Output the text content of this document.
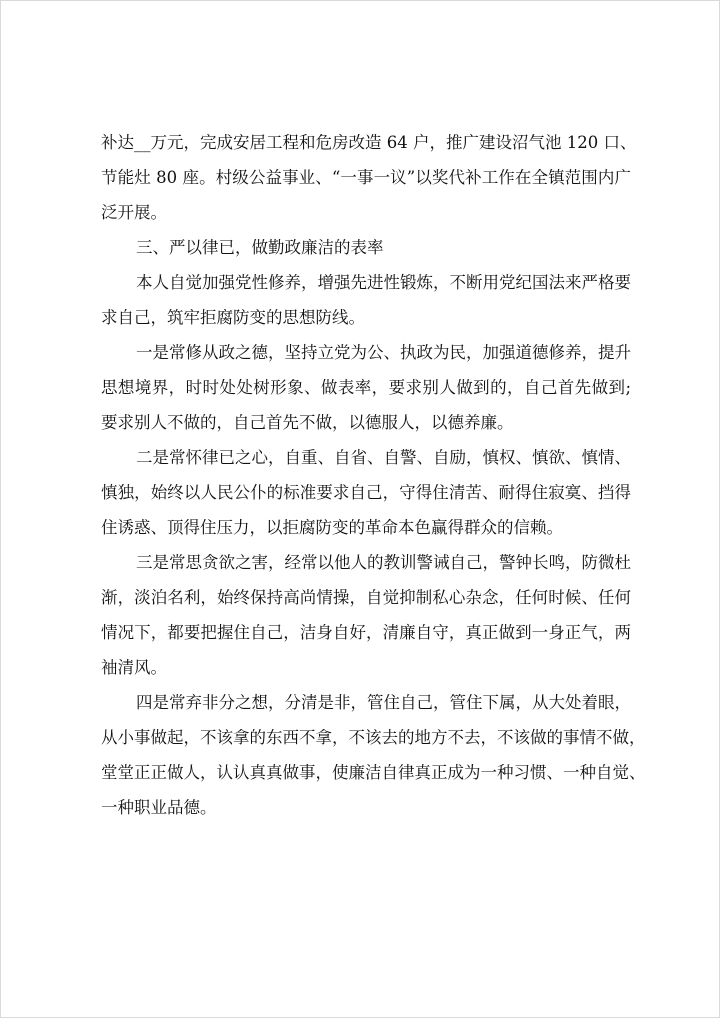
补达__万元，完成安居工程和危房改造 64 户，推广建设沼气池 120 口、
节能灶 80 座。村级公益事业、“一事一议”以奖代补工作在全镇范围内广
泛开展。
三、严以律已，做勤政廉洁的表率
本人自觉加强党性修养，增强先进性锻炼，不断用党纪国法来严格要
求自己，筑牢拒腐防变的思想防线。
一是常修从政之德，坚持立党为公、执政为民，加强道德修养，提升
思想境界，时时处处树形象、做表率，要求别人做到的，自己首先做到;
要求别人不做的，自己首先不做，以德服人，以德养廉。
二是常怀律已之心，自重、自省、自警、自励，慎权、慎欲、慎情、
慎独，始终以人民公仆的标准要求自己，守得住清苦、耐得住寂寞、挡得
住诱惑、顶得住压力，以拒腐防变的革命本色赢得群众的信赖。
三是常思贪欲之害，经常以他人的教训警诫自己，警钟长鸣，防微杜
渐，淡泊名利，始终保持高尚情操，自觉抑制私心杂念，任何时候、任何
情况下，都要把握住自己，洁身自好，清廉自守，真正做到一身正气，两
袖清风。
四是常弃非分之想，分清是非，管住自己，管住下属，从大处着眼，
从小事做起，不该拿的东西不拿，不该去的地方不去，不该做的事情不做，
堂堂正正做人，认认真真做事，使廉洁自律真正成为一种习惯、一种自觉、
一种职业品德。
